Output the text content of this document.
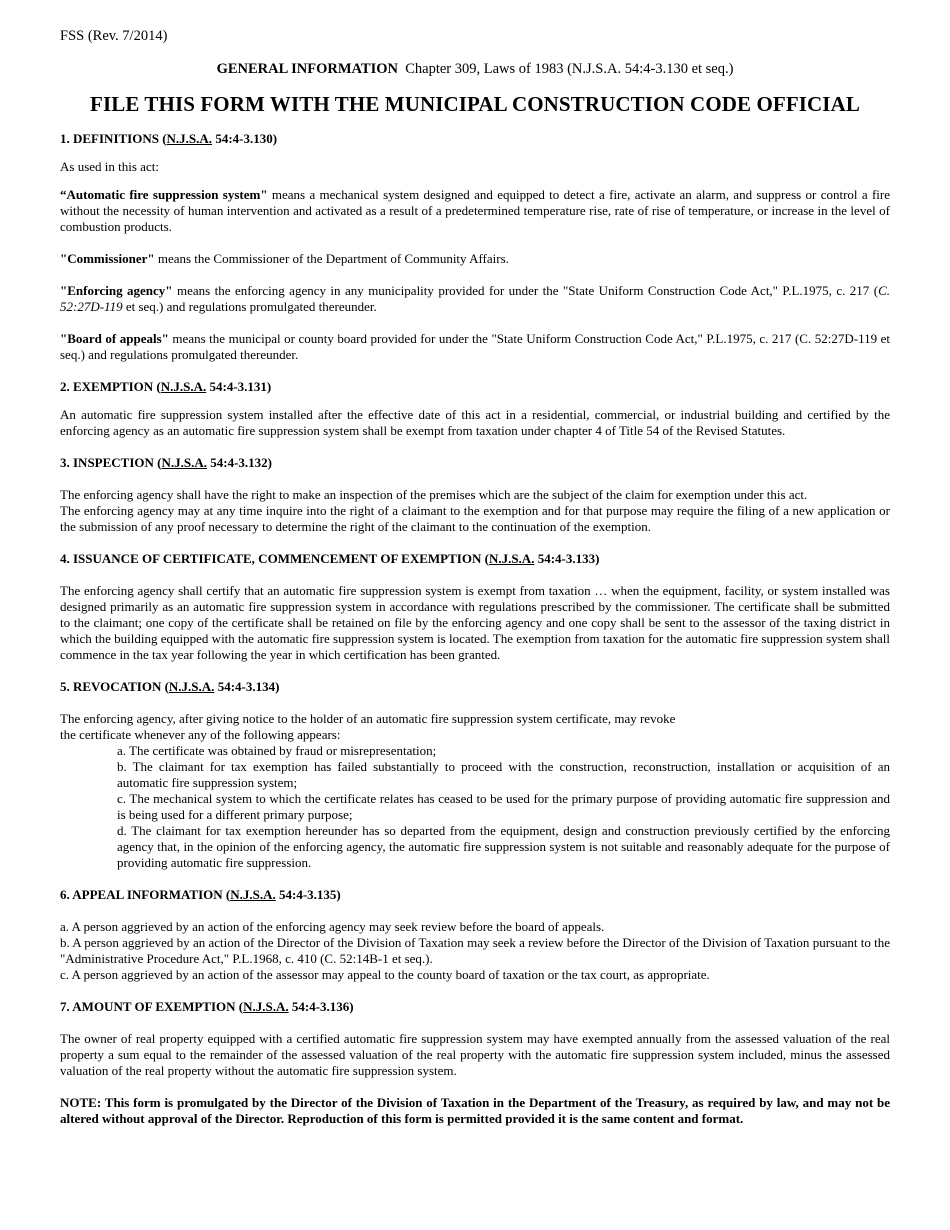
FSS (Rev. 7/2014)
GENERAL INFORMATION Chapter 309, Laws of 1983 (N.J.S.A. 54:4-3.130 et seq.)
FILE THIS FORM WITH THE MUNICIPAL CONSTRUCTION CODE OFFICIAL
1. DEFINITIONS (N.J.S.A. 54:4-3.130)

As used in this act:

“Automatic fire suppression system" means a mechanical system designed and equipped to detect a fire, activate an alarm, and suppress or control a fire without the necessity of human intervention and activated as a result of a predetermined temperature rise, rate of rise of temperature, or increase in the level of combustion products.

"Commissioner" means the Commissioner of the Department of Community Affairs.

"Enforcing agency" means the enforcing agency in any municipality provided for under the "State Uniform Construction Code Act," P.L.1975, c. 217 (C. 52:27D-119 et seq.) and regulations promulgated thereunder.

"Board of appeals" means the municipal or county board provided for under the "State Uniform Construction Code Act," P.L.1975, c. 217 (C. 52:27D-119 et seq.) and regulations promulgated thereunder.

2. EXEMPTION (N.J.S.A. 54:4-3.131)

An automatic fire suppression system installed after the effective date of this act in a residential, commercial, or industrial building and certified by the enforcing agency as an automatic fire suppression system shall be exempt from taxation under chapter 4 of Title 54 of the Revised Statutes.

3. INSPECTION (N.J.S.A. 54:4-3.132)

The enforcing agency shall have the right to make an inspection of the premises which are the subject of the claim for exemption under this act.

The enforcing agency may at any time inquire into the right of a claimant to the exemption and for that purpose may require the filing of a new application or the submission of any proof necessary to determine the right of the claimant to the continuation of the exemption.

4. ISSUANCE OF CERTIFICATE, COMMENCEMENT OF EXEMPTION (N.J.S.A. 54:4-3.133)

The enforcing agency shall certify that an automatic fire suppression system is exempt from taxation … when the equipment, facility, or system installed was designed primarily as an automatic fire suppression system in accordance with regulations prescribed by the commissioner. The certificate shall be submitted to the claimant; one copy of the certificate shall be retained on file by the enforcing agency and one copy shall be sent to the assessor of the taxing district in which the building equipped with the automatic fire suppression system is located. The exemption from taxation for the automatic fire suppression system shall commence in the tax year following the year in which certification has been granted.

5. REVOCATION (N.J.S.A. 54:4-3.134)

The enforcing agency, after giving notice to the holder of an automatic fire suppression system certificate, may revoke

the certificate whenever any of the following appears:

a. The certificate was obtained by fraud or misrepresentation;

b. The claimant for tax exemption has failed substantially to proceed with the construction, reconstruction, installation or acquisition of an automatic fire suppression system;

c. The mechanical system to which the certificate relates has ceased to be used for the primary purpose of providing automatic fire suppression and is being used for a different primary purpose;

d. The claimant for tax exemption hereunder has so departed from the equipment, design and construction previously certified by the enforcing agency that, in the opinion of the enforcing agency, the automatic fire suppression system is not suitable and reasonably adequate for the purpose of providing automatic fire suppression.

6. APPEAL INFORMATION (N.J.S.A. 54:4-3.135)

a. A person aggrieved by an action of the enforcing agency may seek review before the board of appeals.

b. A person aggrieved by an action of the Director of the Division of Taxation may seek a review before the Director of the Division of Taxation pursuant to the "Administrative Procedure Act," P.L.1968, c. 410 (C. 52:14B-1 et seq.).

c. A person aggrieved by an action of the assessor may appeal to the county board of taxation or the tax court, as appropriate.

7. AMOUNT OF EXEMPTION (N.J.S.A. 54:4-3.136)

The owner of real property equipped with a certified automatic fire suppression system may have exempted annually from the assessed valuation of the real property a sum equal to the remainder of the assessed valuation of the real property with the automatic fire suppression system included, minus the assessed valuation of the real property without the automatic fire suppression system.

NOTE: This form is promulgated by the Director of the Division of Taxation in the Department of the Treasury, as required by law, and may not be altered without approval of the Director. Reproduction of this form is permitted provided it is the same content and format.
